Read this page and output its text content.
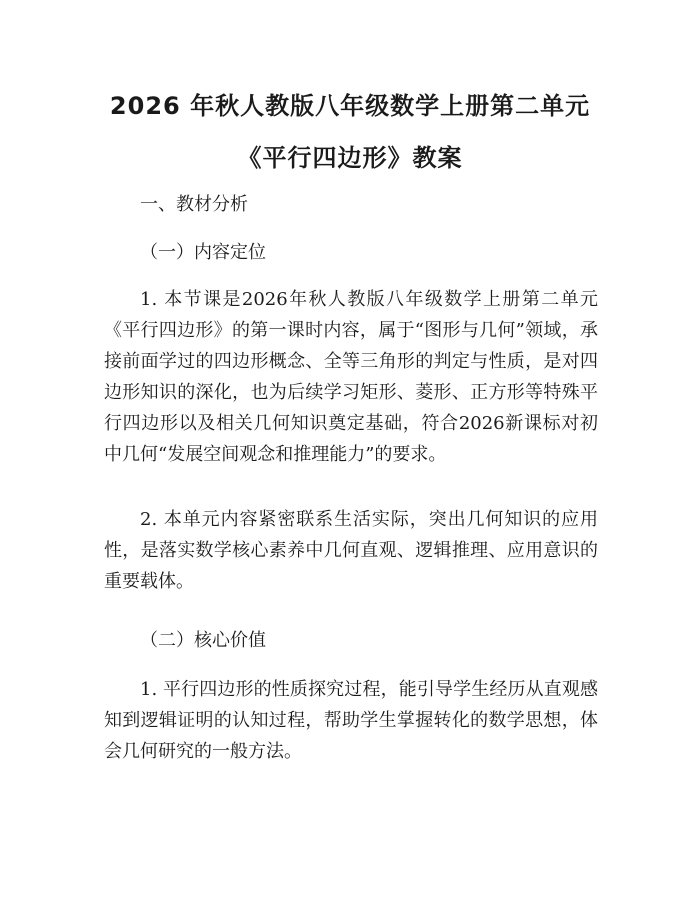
2026 年秋人教版八年级数学上册第二单元
《平行四边形》教案

一、教材分析

（一）内容定位

1. 本节课是2026年秋人教版八年级数学上册第二单元《平行四边形》的第一课时内容，属于“图形与几何”领域，承接前面学过的四边形概念、全等三角形的判定与性质，是对四边形知识的深化，也为后续学习矩形、菱形、正方形等特殊平行四边形以及相关几何知识奠定基础，符合2026新课标对初中几何“发展空间观念和推理能力”的要求。

2. 本单元内容紧密联系生活实际，突出几何知识的应用性，是落实数学核心素养中几何直观、逻辑推理、应用意识的重要载体。

（二）核心价值

1. 平行四边形的性质探究过程，能引导学生经历从直观感知到逻辑证明的认知过程，帮助学生掌握转化的数学思想，体会几何研究的一般方法。
